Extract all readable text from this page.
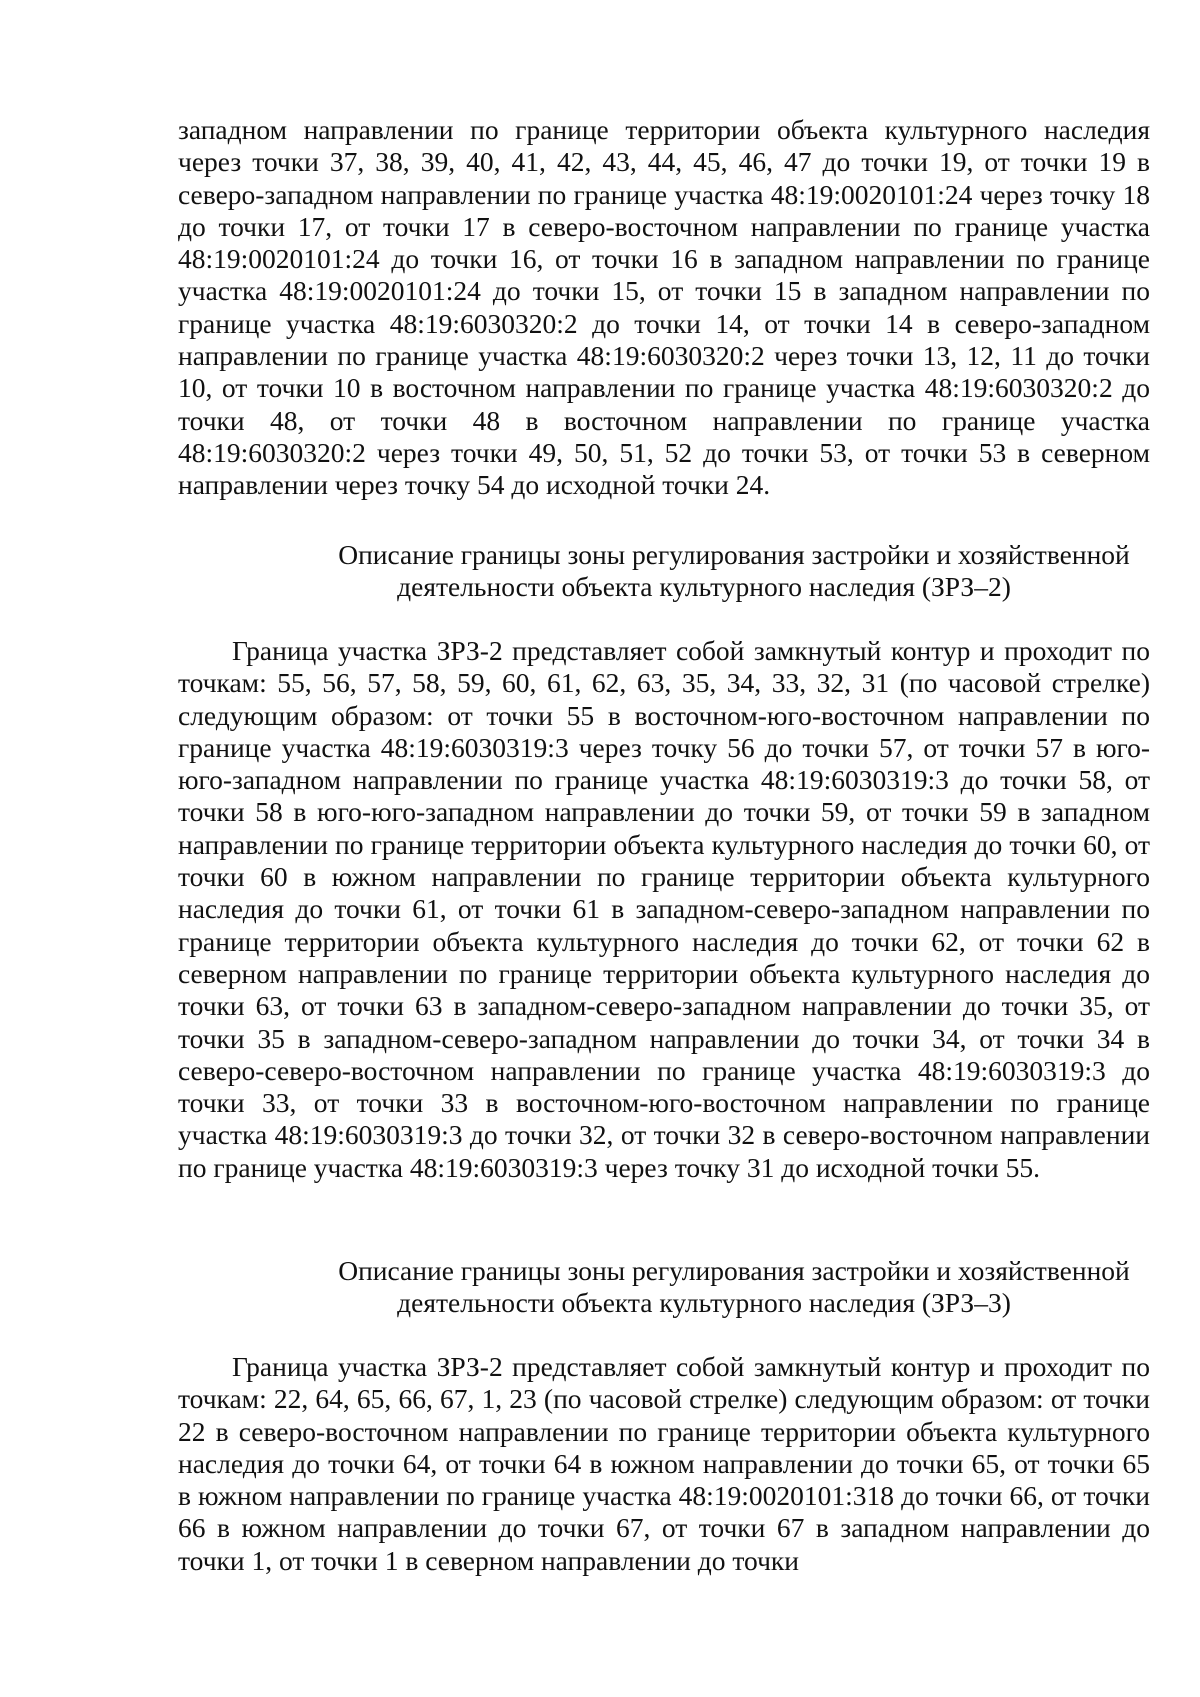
западном направлении по границе территории объекта культурного наследия через точки 37, 38, 39, 40, 41, 42, 43, 44, 45, 46, 47 до точки 19, от точки 19 в северо-западном направлении по границе участка 48:19:0020101:24 через точку 18 до точки 17, от точки 17 в северо-восточном направлении по границе участка 48:19:0020101:24 до точки 16, от точки 16 в западном направлении по границе участка 48:19:0020101:24 до точки 15, от точки 15 в западном направлении по границе участка 48:19:6030320:2 до точки 14, от точки 14 в северо-западном направлении по границе участка 48:19:6030320:2 через точки 13, 12, 11 до точки 10, от точки 10 в восточном направлении по границе участка 48:19:6030320:2 до точки 48, от точки 48 в восточном направлении по границе участка 48:19:6030320:2 через точки 49, 50, 51, 52 до точки 53, от точки 53 в северном направлении через точку 54 до исходной точки 24.

Описание границы зоны регулирования застройки и хозяйственной
деятельности объекта культурного наследия (ЗРЗ–2)

Граница участка ЗРЗ-2 представляет собой замкнутый контур и проходит по точкам: 55, 56, 57, 58, 59, 60, 61, 62, 63, 35, 34, 33, 32, 31 (по часовой стрелке) следующим образом: от точки 55 в восточном-юго-восточном направлении по границе участка 48:19:6030319:3 через точку 56 до точки 57, от точки 57 в юго-юго-западном направлении по границе участка 48:19:6030319:3 до точки 58, от точки 58 в юго-юго-западном направлении до точки 59, от точки 59 в западном направлении по границе территории объекта культурного наследия до точки 60, от точки 60 в южном направлении по границе территории объекта культурного наследия до точки 61, от точки 61 в западном-северо-западном направлении по границе территории объекта культурного наследия до точки 62, от точки 62 в северном направлении по границе территории объекта культурного наследия до точки 63, от точки 63 в западном-северо-западном направлении до точки 35, от точки 35 в западном-северо-западном направлении до точки 34, от точки 34 в северо-северо-восточном направлении по границе участка 48:19:6030319:3 до точки 33, от точки 33 в восточном-юго-восточном направлении по границе участка 48:19:6030319:3 до точки 32, от точки 32 в северо-восточном направлении по границе участка 48:19:6030319:3 через точку 31 до исходной точки 55.

Описание границы зоны регулирования застройки и хозяйственной
деятельности объекта культурного наследия (ЗРЗ–3)

Граница участка ЗРЗ-2 представляет собой замкнутый контур и проходит по точкам: 22, 64, 65, 66, 67, 1, 23 (по часовой стрелке) следующим образом: от точки 22 в северо-восточном направлении по границе территории объекта культурного наследия до точки 64, от точки 64 в южном направлении до точки 65, от точки 65 в южном направлении по границе участка 48:19:0020101:318 до точки 66, от точки 66 в южном направлении до точки 67, от точки 67 в западном направлении до точки 1, от точки 1 в северном направлении до точки
